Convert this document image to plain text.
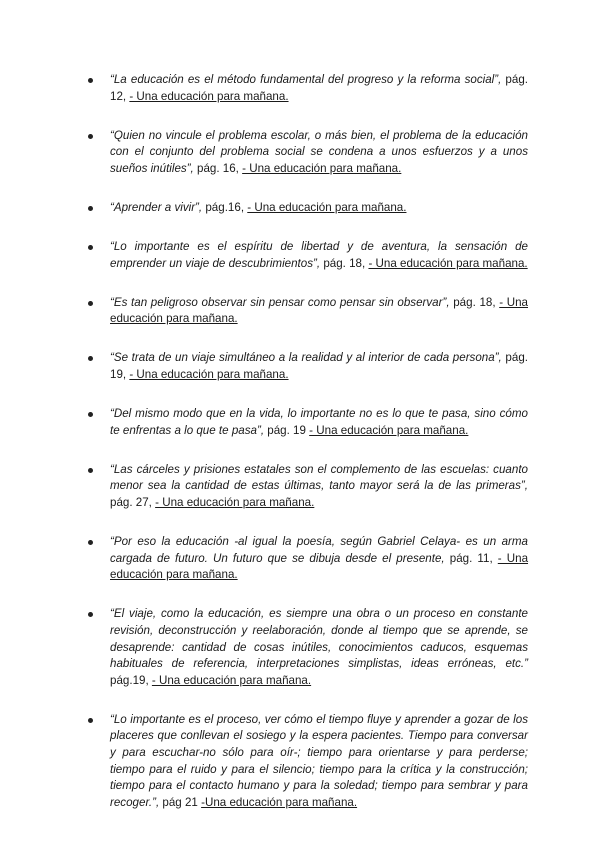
“La educación es el método fundamental del progreso y la reforma social”, pág. 12, - Una educación para mañana.
“Quien no vincule el problema escolar, o más bien, el problema de la educación con el conjunto del problema social se condena a unos esfuerzos y a unos sueños inútiles”, pág. 16, - Una educación para mañana.
“Aprender a vivir”, pág.16, - Una educación para mañana.
“Lo importante es el espíritu de libertad y de aventura, la sensación de emprender un viaje de descubrimientos”, pág. 18, - Una educación para mañana.
“Es tan peligroso observar sin pensar como pensar sin observar”, pág. 18, - Una educación para mañana.
“Se trata de un viaje simultáneo a la realidad y al interior de cada persona”, pág. 19, - Una educación para mañana.
“Del mismo modo que en la vida, lo importante no es lo que te pasa, sino cómo te enfrentas a lo que te pasa”, pág. 19 - Una educación para mañana.
“Las cárceles y prisiones estatales son el complemento de las escuelas: cuanto menor sea la cantidad de estas últimas, tanto mayor será la de las primeras”, pág. 27, - Una educación para mañana.
“Por eso la educación -al igual la poesía, según Gabriel Celaya- es un arma cargada de futuro. Un futuro que se dibuja desde el presente, pág. 11, - Una educación para mañana.
“El viaje, como la educación, es siempre una obra o un proceso en constante revisión, deconstrucción y reelaboración, donde al tiempo que se aprende, se desaprende: cantidad de cosas inútiles, conocimientos caducos, esquemas habituales de referencia, interpretaciones simplistas, ideas erróneas, etc.” pág.19, - Una educación para mañana.
“Lo importante es el proceso, ver cómo el tiempo fluye y aprender a gozar de los placeres que conllevan el sosiego y la espera pacientes. Tiempo para conversar y para escuchar-no sólo para oír-; tiempo para orientarse y para perderse; tiempo para el ruido y para el silencio; tiempo para la crítica y la construcción; tiempo para el contacto humano y para la soledad; tiempo para sembrar y para recoger.”, pág 21 -Una educación para mañana.
